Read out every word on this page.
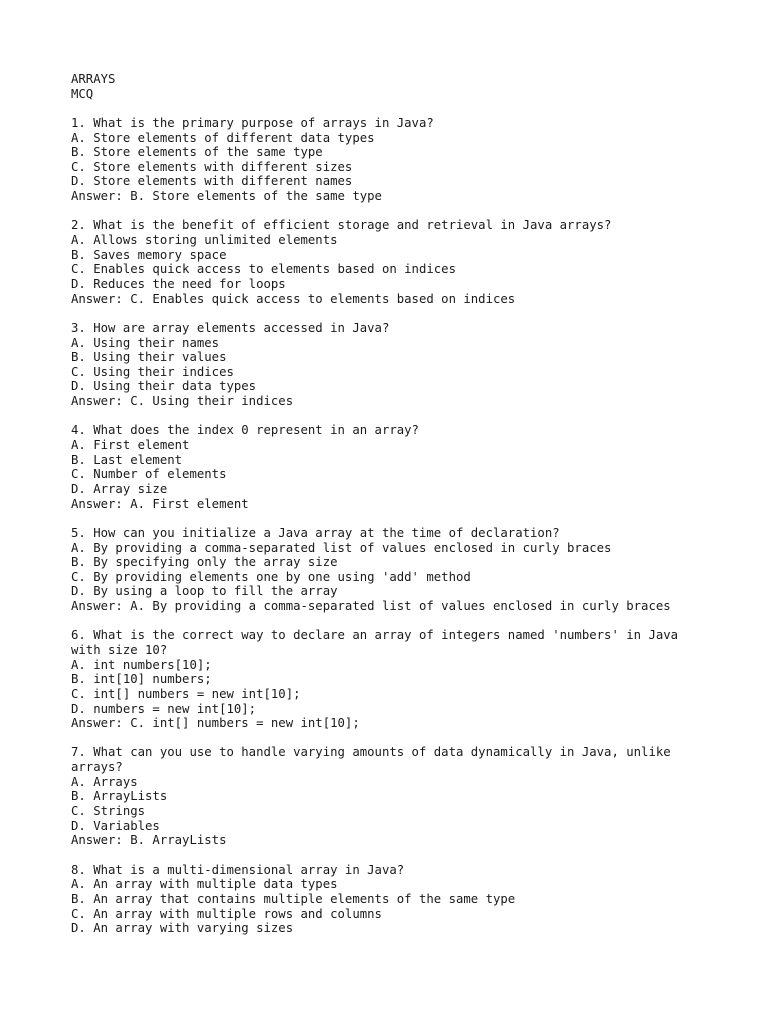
ARRAYS
MCQ
1. What is the primary purpose of arrays in Java?
A. Store elements of different data types
B. Store elements of the same type
C. Store elements with different sizes
D. Store elements with different names
Answer: B. Store elements of the same type
2. What is the benefit of efficient storage and retrieval in Java arrays?
A. Allows storing unlimited elements
B. Saves memory space
C. Enables quick access to elements based on indices
D. Reduces the need for loops
Answer: C. Enables quick access to elements based on indices
3. How are array elements accessed in Java?
A. Using their names
B. Using their values
C. Using their indices
D. Using their data types
Answer: C. Using their indices
4. What does the index 0 represent in an array?
A. First element
B. Last element
C. Number of elements
D. Array size
Answer: A. First element
5. How can you initialize a Java array at the time of declaration?
A. By providing a comma-separated list of values enclosed in curly braces
B. By specifying only the array size
C. By providing elements one by one using 'add' method
D. By using a loop to fill the array
Answer: A. By providing a comma-separated list of values enclosed in curly braces
6. What is the correct way to declare an array of integers named 'numbers' in Java
with size 10?
A. int numbers[10];
B. int[10] numbers;
C. int[] numbers = new int[10];
D. numbers = new int[10];
Answer: C. int[] numbers = new int[10];
7. What can you use to handle varying amounts of data dynamically in Java, unlike
arrays?
A. Arrays
B. ArrayLists
C. Strings
D. Variables
Answer: B. ArrayLists
8. What is a multi-dimensional array in Java?
A. An array with multiple data types
B. An array that contains multiple elements of the same type
C. An array with multiple rows and columns
D. An array with varying sizes
